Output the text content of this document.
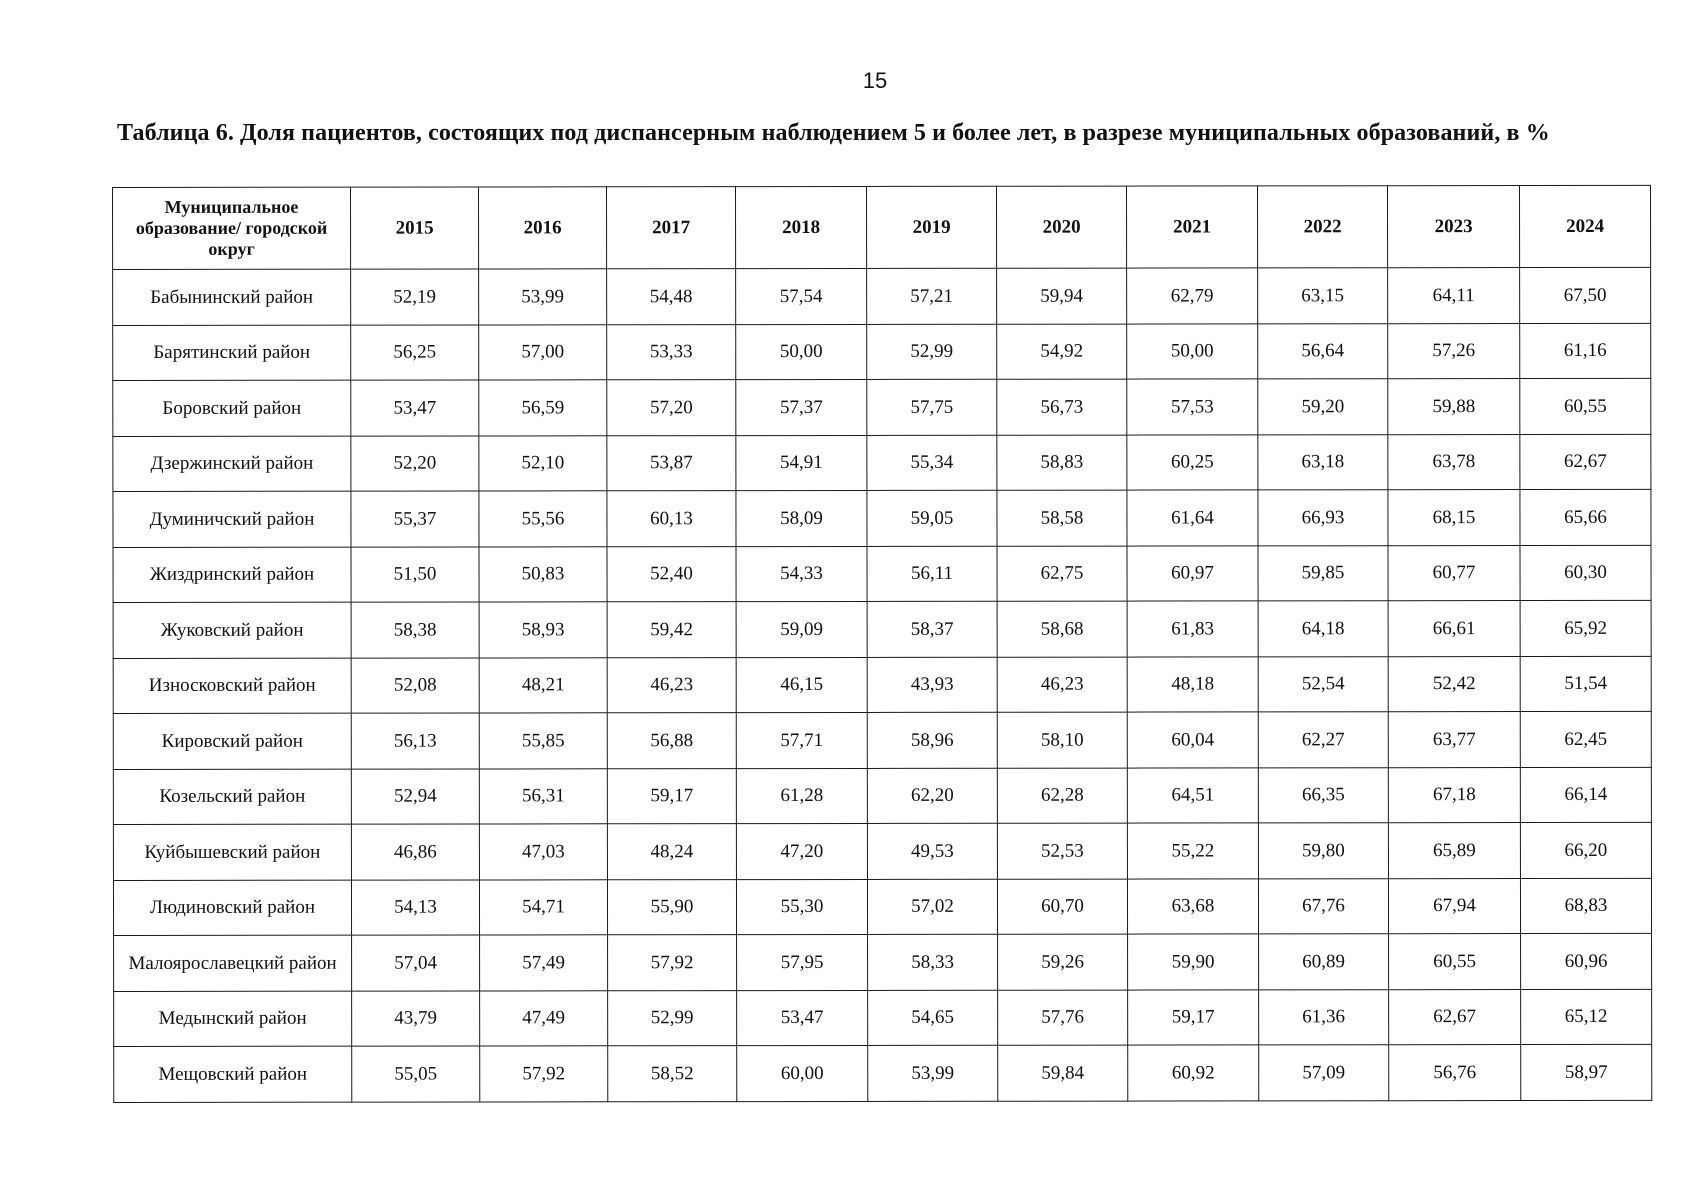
15
Таблица 6. Доля пациентов, состоящих под диспансерным наблюдением 5 и более лет, в разрезе муниципальных образований, в %
Муниципальное образование/ городской округ	2015	2016	2017	2018	2019	2020	2021	2022	2023	2024
Бабынинский район	52,19	53,99	54,48	57,54	57,21	59,94	62,79	63,15	64,11	67,50
Барятинский район	56,25	57,00	53,33	50,00	52,99	54,92	50,00	56,64	57,26	61,16
Боровский район	53,47	56,59	57,20	57,37	57,75	56,73	57,53	59,20	59,88	60,55
Дзержинский район	52,20	52,10	53,87	54,91	55,34	58,83	60,25	63,18	63,78	62,67
Думиничский район	55,37	55,56	60,13	58,09	59,05	58,58	61,64	66,93	68,15	65,66
Жиздринский район	51,50	50,83	52,40	54,33	56,11	62,75	60,97	59,85	60,77	60,30
Жуковский район	58,38	58,93	59,42	59,09	58,37	58,68	61,83	64,18	66,61	65,92
Износковский район	52,08	48,21	46,23	46,15	43,93	46,23	48,18	52,54	52,42	51,54
Кировский район	56,13	55,85	56,88	57,71	58,96	58,10	60,04	62,27	63,77	62,45
Козельский район	52,94	56,31	59,17	61,28	62,20	62,28	64,51	66,35	67,18	66,14
Куйбышевский район	46,86	47,03	48,24	47,20	49,53	52,53	55,22	59,80	65,89	66,20
Людиновский район	54,13	54,71	55,90	55,30	57,02	60,70	63,68	67,76	67,94	68,83
Малоярославецкий район	57,04	57,49	57,92	57,95	58,33	59,26	59,90	60,89	60,55	60,96
Медынский район	43,79	47,49	52,99	53,47	54,65	57,76	59,17	61,36	62,67	65,12
Мещовский район	55,05	57,92	58,52	60,00	53,99	59,84	60,92	57,09	56,76	58,97
